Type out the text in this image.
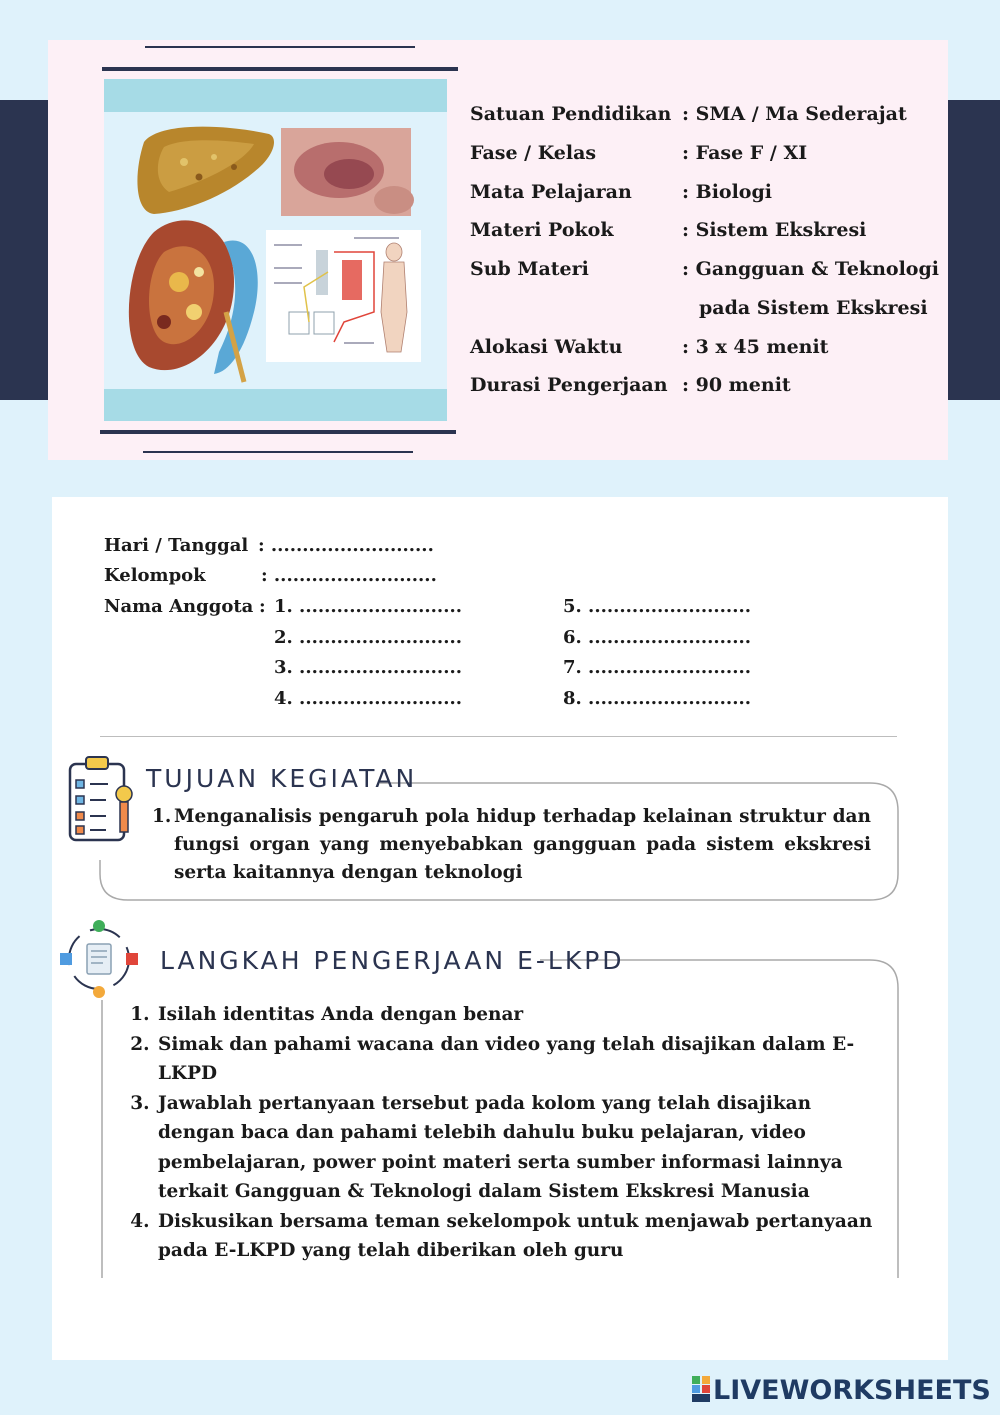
Satuan Pendidikan : SMA / Ma Sederajat
Fase / Kelas	: Fase F / XI
Mata Pelajaran	: Biologi
Materi Pokok	: Sistem Ekskresi
Sub Materi	: Gangguan & Teknologi
pada Sistem Ekskresi
Alokasi Waktu	: 3 x 45 menit
Durasi Pengerjaan : 90 menit
Hari / Tanggal : ..........................
Kelompok	: ..........................
Nama Anggota : 1. ..........................
2. ..........................
3. ..........................
4. ..........................
5. ..........................
6. ..........................
7. ..........................
8. ..........................
TUJUAN KEGIATAN
1. Menganalisis pengaruh pola hidup terhadap kelainan struktur dan fungsi organ yang menyebabkan gangguan pada sistem ekskresi serta kaitannya dengan teknologi
LANGKAH PENGERJAAN E-LKPD
1. Isilah identitas Anda dengan benar
2. Simak dan pahami wacana dan video yang telah disajikan dalam E-LKPD
3. Jawablah pertanyaan tersebut pada kolom yang telah disajikan dengan baca dan pahami telebih dahulu buku pelajaran, video pembelajaran, power point materi serta sumber informasi lainnya terkait Gangguan & Teknologi dalam Sistem Ekskresi Manusia
4. Diskusikan bersama teman sekelompok untuk menjawab pertanyaan pada E-LKPD yang telah diberikan oleh guru
LIVEWORKSHEETS
